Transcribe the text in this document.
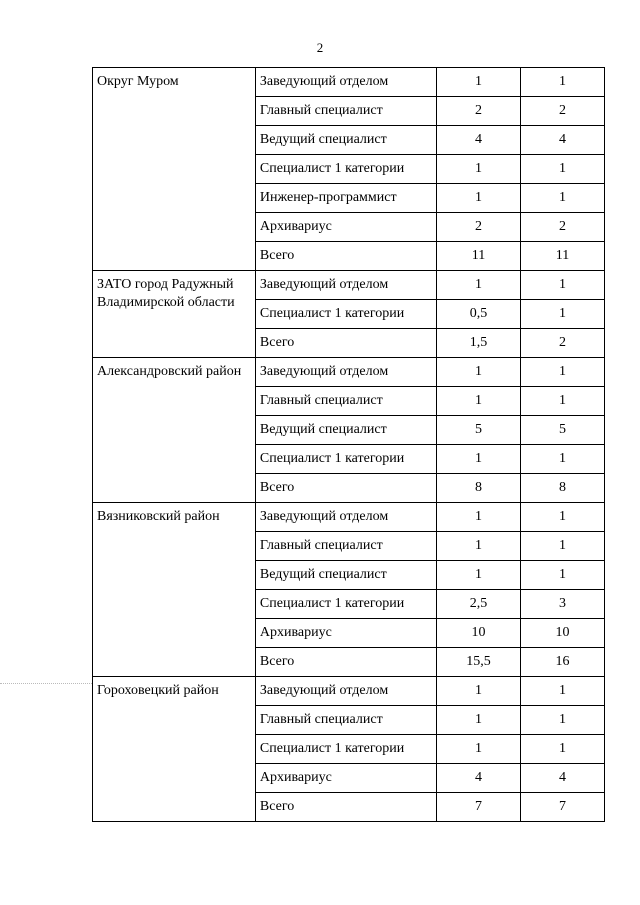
2
Округ Муром	Заведующий отделом	1	1
	Главный специалист	2	2
	Ведущий специалист	4	4
	Специалист 1 категории	1	1
	Инженер-программист	1	1
	Архивариус	2	2
	Всего	11	11
ЗАТО город Радужный Владимирской области	Заведующий отделом	1	1
	Специалист 1 категории	0,5	1
	Всего	1,5	2
Александровский район	Заведующий отделом	1	1
	Главный специалист	1	1
	Ведущий специалист	5	5
	Специалист 1 категории	1	1
	Всего	8	8
Вязниковский район	Заведующий отделом	1	1
	Главный специалист	1	1
	Ведущий специалист	1	1
	Специалист 1 категории	2,5	3
	Архивариус	10	10
	Всего	15,5	16
Гороховецкий район	Заведующий отделом	1	1
	Главный специалист	1	1
	Специалист 1 категории	1	1
	Архивариус	4	4
	Всего	7	7
